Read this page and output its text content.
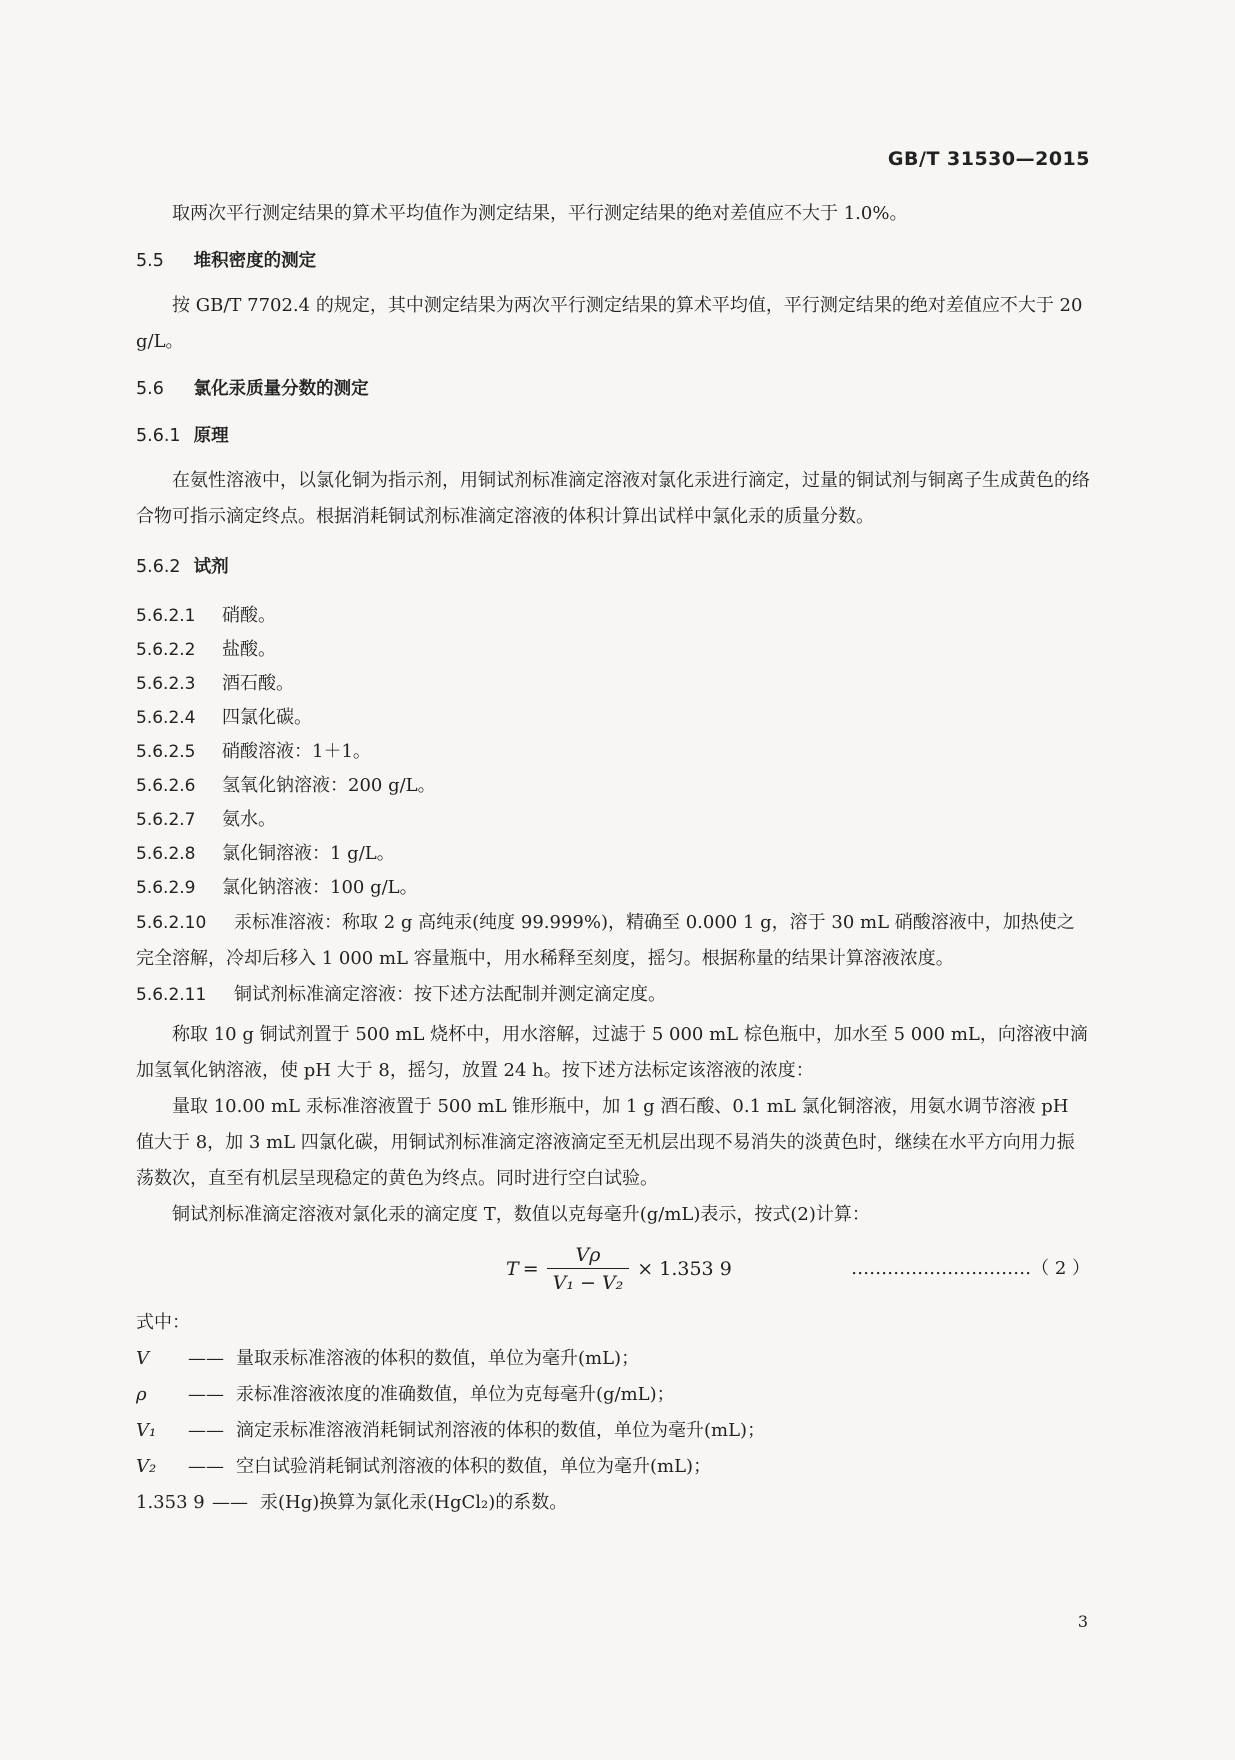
GB/T 31530—2015

取两次平行测定结果的算术平均值作为测定结果，平行测定结果的绝对差值应不大于 1.0%。

5.5 堆积密度的测定

按 GB/T 7702.4 的规定，其中测定结果为两次平行测定结果的算术平均值，平行测定结果的绝对差值应不大于 20 g/L。

5.6 氯化汞质量分数的测定
5.6.1 原理

在氨性溶液中，以氯化铜为指示剂，用铜试剂标准滴定溶液对氯化汞进行滴定，过量的铜试剂与铜离子生成黄色的络合物可指示滴定终点。根据消耗铜试剂标准滴定溶液的体积计算出试样中氯化汞的质量分数。

5.6.2 试剂
5.6.2.1 硝酸。
5.6.2.2 盐酸。
5.6.2.3 酒石酸。
5.6.2.4 四氯化碳。
5.6.2.5 硝酸溶液：1＋1。
5.6.2.6 氢氧化钠溶液：200 g/L。
5.6.2.7 氨水。
5.6.2.8 氯化铜溶液：1 g/L。
5.6.2.9 氯化钠溶液：100 g/L。
5.6.2.10 汞标准溶液：称取 2 g 高纯汞(纯度 99.999%)，精确至 0.000 1 g，溶于 30 mL 硝酸溶液中，加热使之完全溶解，冷却后移入 1 000 mL 容量瓶中，用水稀释至刻度，摇匀。根据称量的结果计算溶液浓度。
5.6.2.11 铜试剂标准滴定溶液：按下述方法配制并测定滴定度。

称取 10 g 铜试剂置于 500 mL 烧杯中，用水溶解，过滤于 5 000 mL 棕色瓶中，加水至 5 000 mL，向溶液中滴加氢氧化钠溶液，使 pH 大于 8，摇匀，放置 24 h。按下述方法标定该溶液的浓度：

量取 10.00 mL 汞标准溶液置于 500 mL 锥形瓶中，加 1 g 酒石酸、0.1 mL 氯化铜溶液，用氨水调节溶液 pH 值大于 8，加 3 mL 四氯化碳，用铜试剂标准滴定溶液滴定至无机层出现不易消失的淡黄色时，继续在水平方向用力振荡数次，直至有机层呈现稳定的黄色为终点。同时进行空白试验。

铜试剂标准滴定溶液对氯化汞的滴定度 T，数值以克每毫升(g/mL)表示，按式(2)计算：

$T = \frac{V\rho}{\text{V₁ − V₂}} \times 1.353$ 9	…………………………（ 2 ）

式中：

V	—— 量取汞标准溶液的体积的数值，单位为毫升(mL)；
ρ	—— 汞标准溶液浓度的准确数值，单位为克每毫升(g/mL)；
V₁	—— 滴定汞标准溶液消耗铜试剂溶液的体积的数值，单位为毫升(mL)；
V₂	—— 空白试验消耗铜试剂溶液的体积的数值，单位为毫升(mL)；
1.353 9 —— 汞(Hg)换算为氯化汞(HgCl₂)的系数。
3
